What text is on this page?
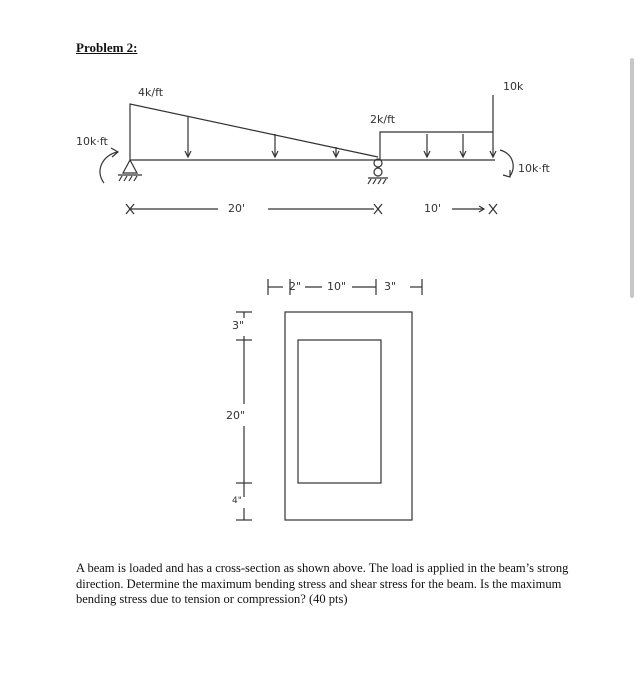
Problem 2:
4k/ft
2k/ft
10k
10k·ft
10k·ft
20'	10'
2" 10"	3"
3"
20"
4"
A beam is loaded and has a cross-section as shown above. The load is applied in the beam’s strong direction. Determine the maximum bending stress and shear stress for the beam. Is the maximum bending stress due to tension or compression? (40 pts)
